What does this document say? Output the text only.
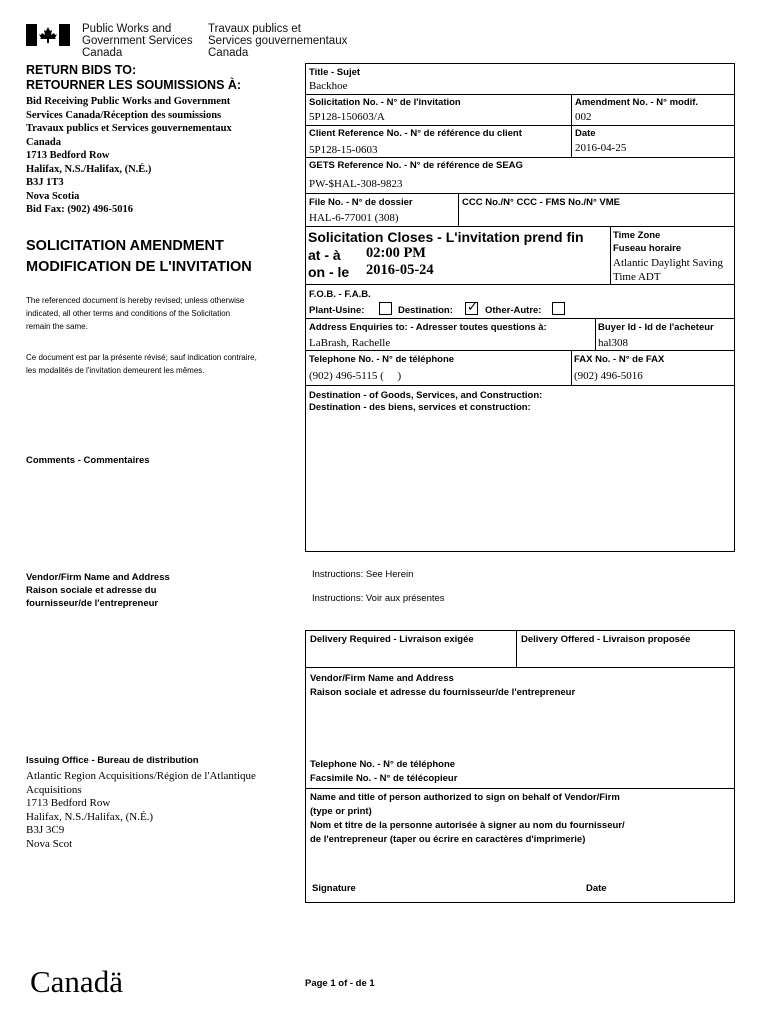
Public Works and
Government Services
Canada
Travaux publics et
Services gouvernementaux
Canada
RETURN BIDS TO:
RETOURNER LES SOUMISSIONS À:
Bid Receiving Public Works and Government
Services Canada/Réception des soumissions
Travaux publics et Services gouvernementaux
Canada
1713 Bedford Row
Halifax, N.S./Halifax, (N.É.)
B3J 1T3
Nova Scotia
Bid Fax: (902) 496-5016
SOLICITATION AMENDMENT
MODIFICATION DE L'INVITATION
The referenced document is hereby revised; unless otherwise
indicated, all other terms and conditions of the Solicitation
remain the same.
Ce document est par la présente révisé; sauf indication contraire,
les modalités de l'invitation demeurent les mêmes.
Comments - Commentaires
Vendor/Firm Name and Address
Raison sociale et adresse du
fournisseur/de l'entrepreneur
Issuing Office - Bureau de distribution
Atlantic Region Acquisitions/Région de l'Atlantique
Acquisitions
1713 Bedford Row
Halifax, N.S./Halifax, (N.É.)
B3J 3C9
Nova Scot
Title - Sujet
Backhoe
Solicitation No. - N° de l'invitation
5P128-150603/A
Amendment No. - N° modif.
002
Client Reference No. - N° de référence du client
5P128-15-0603
Date
2016-04-25
GETS Reference No. - N° de référence de SEAG
PW-$HAL-308-9823
File No. - N° de dossier
HAL-6-77001 (308)
CCC No./N° CCC - FMS No./N° VME
Solicitation Closes - L'invitation prend fin
at - à 02:00 PM
on - le 2016-05-24
Time Zone
Fuseau horaire
Atlantic Daylight Saving
Time ADT
F.O.B. - F.A.B.
Plant-Usine:	Destination: ✓ Other-Autre:
Address Enquiries to: - Adresser toutes questions à:
LaBrash, Rachelle
Buyer Id - Id de l'acheteur
hal308
Telephone No. - N° de téléphone
(902) 496-5115 (     )
FAX No. - N° de FAX
(902) 496-5016
Destination - of Goods, Services, and Construction:
Destination - des biens, services et construction:
Instructions: See Herein
Instructions: Voir aux présentes
Delivery Required - Livraison exigée	Delivery Offered - Livraison proposée
Vendor/Firm Name and Address
Raison sociale et adresse du fournisseur/de l'entrepreneur
Telephone No. - N° de téléphone
Facsimile No. - N° de télécopieur
Name and title of person authorized to sign on behalf of Vendor/Firm
(type or print)
Nom et titre de la personne autorisée à signer au nom du fournisseur/
de l'entrepreneur (taper ou écrire en caractères d'imprimerie)
Signature	Date
Canadä	Page 1 of - de 1
